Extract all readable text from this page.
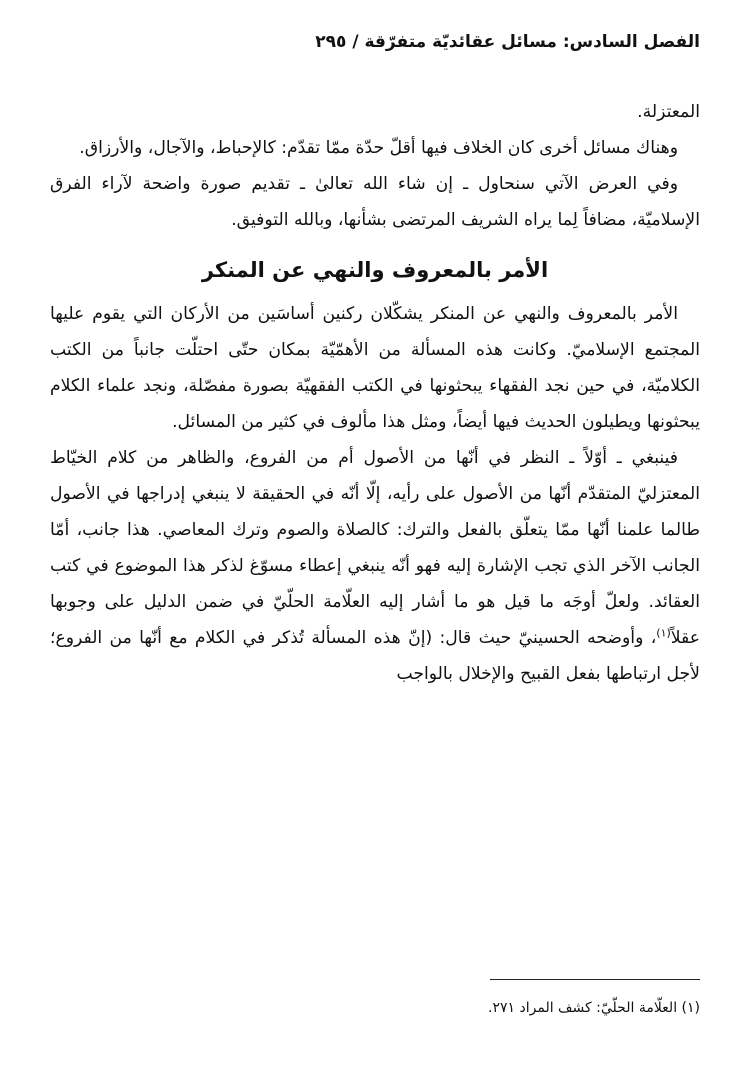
الفصل السادس: مسائل عقائديّة متفرّقة / ٢٩٥

المعتزلة.

وهناك مسائل أخرى كان الخلاف فيها أقلّ حدّة ممّا تقدّم: كالإحباط، والآجال، والأرزاق.

وفي العرض الآتي سنحاول ـ إن شاء الله تعالىٰ ـ تقديم صورة واضحة لآراء الفرق الإسلاميّة، مضافاً لِما يراه الشريف المرتضى بشأنها، وبالله التوفيق.

الأمر بالمعروف والنهي عن المنكر

الأمر بالمعروف والنهي عن المنكر يشكّلان ركنين أساسَين من الأركان التي يقوم عليها المجتمع الإسلاميّ. وكانت هذه المسألة من الأهمّيّة بمكان حتّى احتلّت جانباً من الكتب الكلاميّة، في حين نجد الفقهاء يبحثونها في الكتب الفقهيّة بصورة مفصّلة، ونجد علماء الكلام يبحثونها ويطيلون الحديث فيها أيضاً، ومثل هذا مألوف في كثير من المسائل.

فينبغي ـ أوّلاً ـ النظر في أنّها من الأصول أم من الفروع، والظاهر من كلام الخيّاط المعتزليّ المتقدّم أنّها من الأصول على رأيه، إلّا أنّه في الحقيقة لا ينبغي إدراجها في الأصول طالما علمنا أنّها ممّا يتعلّق بالفعل والترك: كالصلاة والصوم وترك المعاصي. هذا جانب، أمّا الجانب الآخر الذي تجب الإشارة إليه فهو أنّه ينبغي إعطاء مسوّغ لذكر هذا الموضوع في كتب العقائد. ولعلّ أوجَه ما قيل هو ما أشار إليه العلّامة الحلّيّ في ضمن الدليل على وجوبها عقلاً$^{(١)}$، وأوضحه الحسينيّ حيث قال: (إنّ هذه المسألة تُذكر في الكلام مع أنّها من الفروع؛ لأجل ارتباطها بفعل القبيح والإخلال بالواجب

(١) العلّامة الحلّيّ: كشف المراد ٢٧١.
